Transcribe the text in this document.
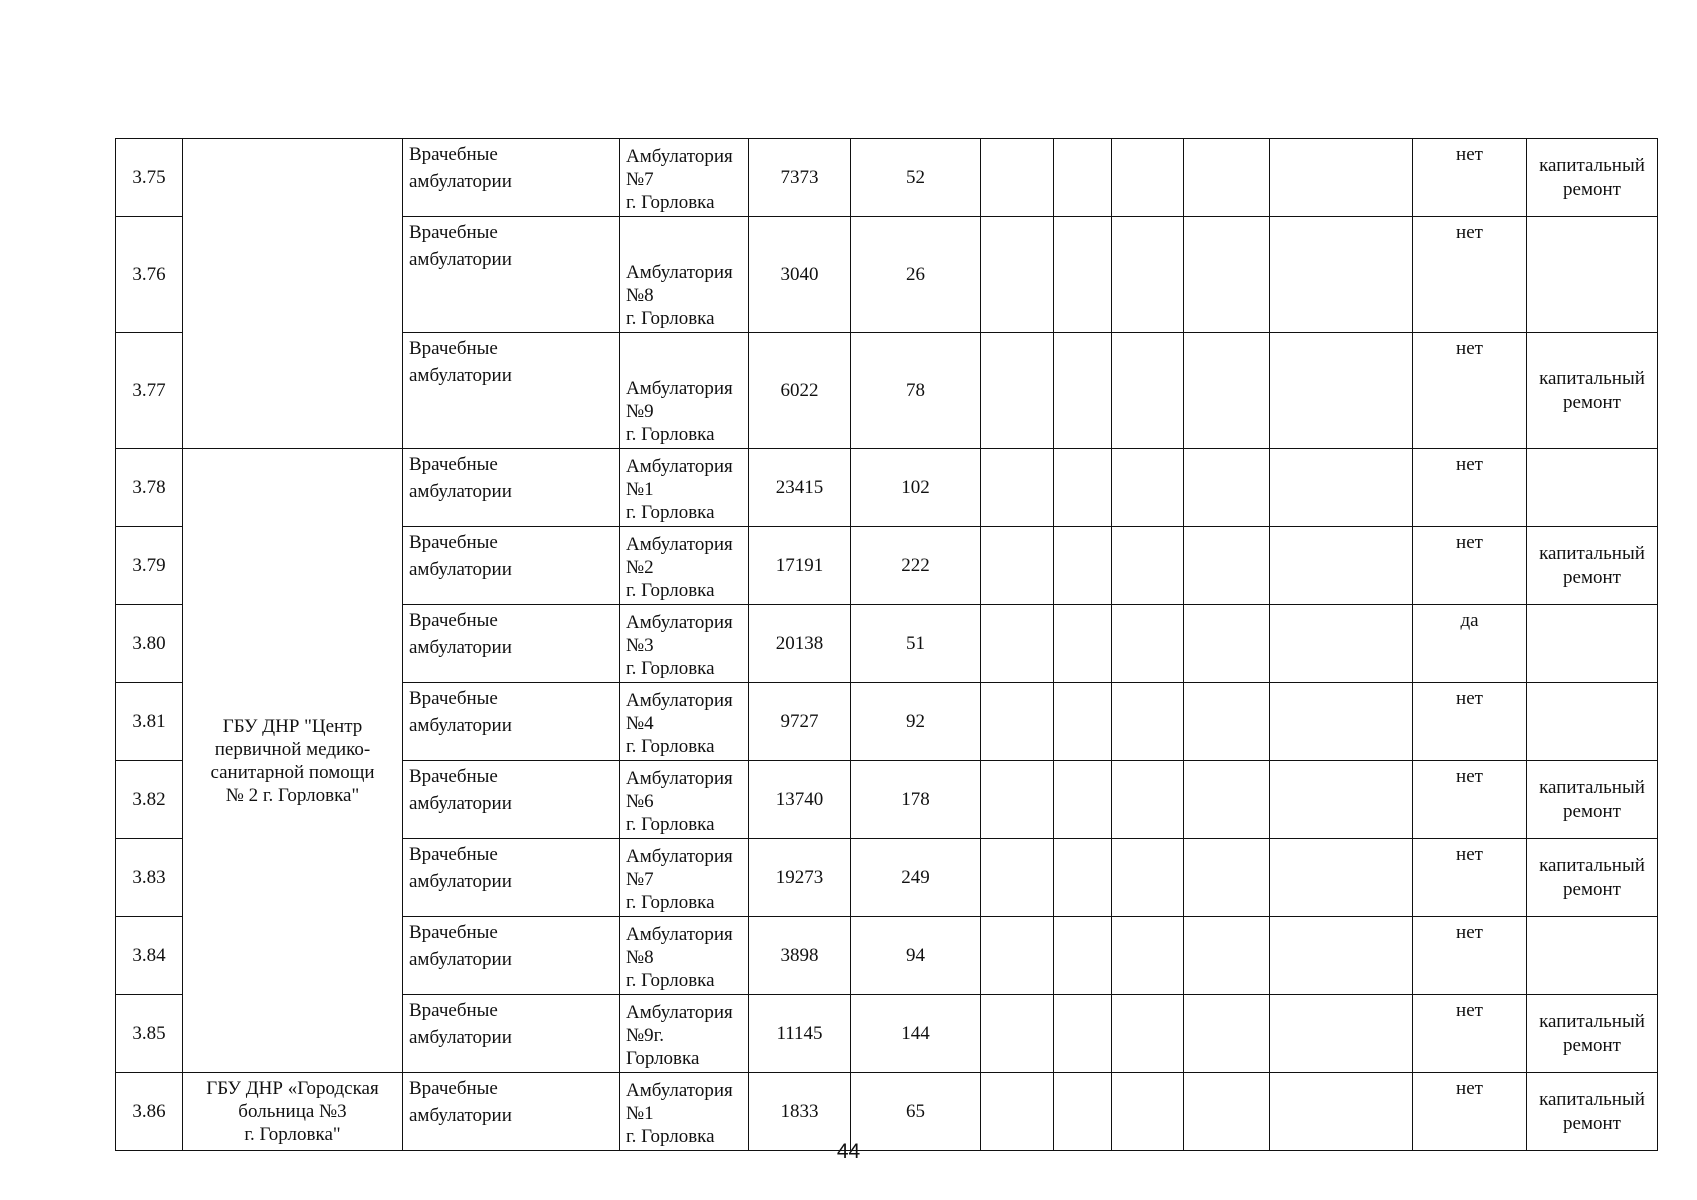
3.75		Врачебные
амбулатории	Амбулатория
№7
г. Горловка	7373	52						нет	капитальный
ремонт

3.76		Врачебные
амбулатории	Амбулатория
№8
г. Горловка	3040	26						нет	

3.77		Врачебные
амбулатории	Амбулатория
№9
г. Горловка	6022	78						нет	капитальный
ремонт

3.78	ГБУ ДНР "Центр
первичной медико-
санитарной помощи
№ 2 г. Горловка"	Врачебные
амбулатории	Амбулатория
№1
г. Горловка	23415	102						нет	

3.79		Врачебные
амбулатории	Амбулатория
№2
г. Горловка	17191	222						нет	капитальный
ремонт

3.80		Врачебные
амбулатории	Амбулатория
№3
г. Горловка	20138	51						да	

3.81		Врачебные
амбулатории	Амбулатория
№4
г. Горловка	9727	92						нет	

3.82		Врачебные
амбулатории	Амбулатория
№6
г. Горловка	13740	178						нет	капитальный
ремонт

3.83		Врачебные
амбулатории	Амбулатория
№7
г. Горловка	19273	249						нет	капитальный
ремонт

3.84		Врачебные
амбулатории	Амбулатория
№8
г. Горловка	3898	94						нет	

3.85		Врачебные
амбулатории	Амбулатория
№9г.
Горловка	11145	144						нет	капитальный
ремонт

3.86	ГБУ ДНР «Городская
больница №3
г. Горловка"	Врачебные
амбулатории	Амбулатория
№1
г. Горловка	1833	65						нет	капитальный
ремонт
44
